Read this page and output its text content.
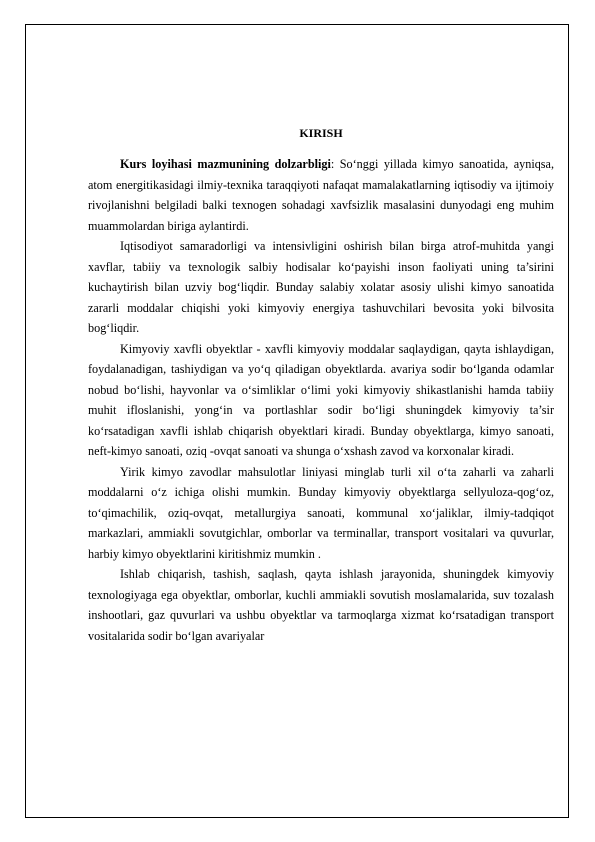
KIRISH

Kurs loyihasi mazmunining dolzarbligi: So‘nggi yillada kimyo sanoatida, ayniqsa, atom energitikasidagi ilmiy-texnika taraqqiyoti nafaqat mamalakatlarning iqtisodiy va ijtimoiy rivojlanishni belgiladi balki texnogen sohadagi xavfsizlik masalasini dunyodagi eng muhim muammolardan biriga aylantirdi.

Iqtisodiyot samaradorligi va intensivligini oshirish bilan birga atrof-muhitda yangi xavflar, tabiiy va texnologik salbiy hodisalar ko‘payishi inson faoliyati uning ta’sirini kuchaytirish bilan uzviy bog‘liqdir. Bunday salabiy xolatar asosiy ulishi kimyo sanoatida zararli moddalar chiqishi yoki kimyoviy energiya tashuvchilari bevosita yoki bilvosita bog‘liqdir.

Kimyoviy xavfli obyektlar - xavfli kimyoviy moddalar saqlaydigan, qayta ishlaydigan, foydalanadigan, tashiydigan va yo‘q qiladigan obyektlarda. avariya sodir bo‘lganda odamlar nobud bo‘lishi, hayvonlar va o‘simliklar o‘limi yoki kimyoviy shikastlanishi hamda tabiiy muhit ifloslanishi, yong‘in va portlashlar sodir bo‘ligi shuningdek kimyoviy ta’sir ko‘rsatadigan xavfli ishlab chiqarish obyektlari kiradi. Bunday obyektlarga, kimyo sanoati, neft-kimyo sanoati, oziq -ovqat sanoati va shunga o‘xshash zavod va korxonalar kiradi.

Yirik kimyo zavodlar mahsulotlar liniyasi minglab turli xil o‘ta zaharli va zaharli moddalarni o‘z ichiga olishi mumkin. Bunday kimyoviy obyektlarga sellyuloza-qog‘oz, to‘qimachilik, oziq-ovqat, metallurgiya sanoati, kommunal xo‘jaliklar, ilmiy-tadqiqot markazlari, ammiakli sovutgichlar, omborlar va terminallar, transport vositalari va quvurlar, harbiy kimyo obyektlarini kiritishmiz mumkin .

Ishlab chiqarish, tashish, saqlash, qayta ishlash jarayonida, shuningdek kimyoviy texnologiyaga ega obyektlar, omborlar, kuchli ammiakli sovutish moslamalarida, suv tozalash inshootlari, gaz quvurlari va ushbu obyektlar va tarmoqlarga xizmat ko‘rsatadigan transport vositalarida sodir bo‘lgan avariyalar
